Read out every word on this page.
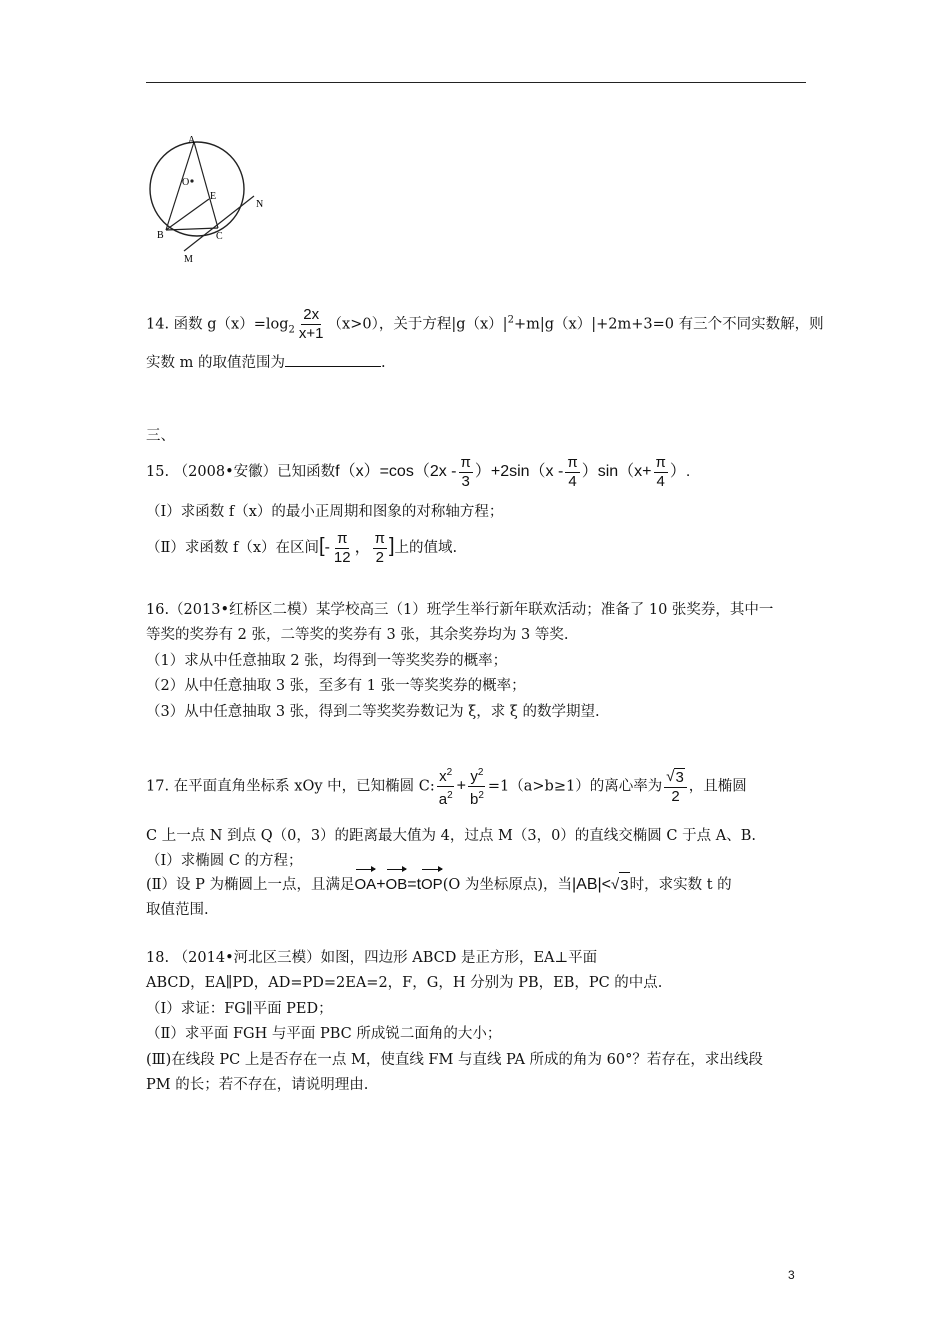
A
O
E
N
B	C
M
14. 函数 $g(x)=\log_2 \frac{2x}{x+1} (x>0)$，关于方程$|g(x)|^2+m|g(x)|+2m+3=0$ 有三个不同实数解，则
实数 m 的取值范围为	.
三、
15. （2008•安徽）已知函数$f(x)=\cos(2x - \frac{\pi}{3} )+2\sin(x - \frac{\pi}{4} )\sin(x+ \frac{\pi}{4}$ ）.
（Ⅰ）求函数 f（x）的最小正周期和图象的对称轴方程；
（Ⅱ）求函数 f（x）在区间[- $\frac{\pi}{12}$ ， $\frac{\pi}{2}$ ]上的值域.
16.（2013•红桥区二模）某学校高三（1）班学生举行新年联欢活动；准备了 10 张奖券，其中一
等奖的奖券有 2 张，二等奖的奖券有 3 张，其余奖券均为 3 等奖.
（1）求从中任意抽取 2 张，均得到一等奖奖券的概率；
（2）从中任意抽取 3 张，至多有 1 张一等奖奖券的概率；
（3）从中任意抽取 3 张，得到二等奖奖券数记为 ξ，求 ξ 的数学期望.
17. 在平面直角坐标系 xOy 中，已知椭圆 C: $\frac{x^2}{a^2} + \frac{y^2}{b^2} =1(a>b\ge 1)$的离心率为 $\frac{√ 3}{2}$ ，且椭圆
C 上一点 N 到点 Q（0，3）的距离最大值为 4，过点 M（3，0）的直线交椭圆 C 于点 A、B.
（Ⅰ）求椭圆 C 的方程；
(Ⅱ）设 P 为椭圆上一点，且满足OA+OB=tOP(O 为坐标原点)，当|AB|<√ 3 时，求实数 t 的
取值范围.
18. （2014•河北区三模）如图，四边形 ABCD 是正方形，EA⊥平面
ABCD，EA∥PD，AD=PD=2EA=2，F，G，H 分别为 PB，EB，PC 的中点.
（Ⅰ）求证：FG∥平面 PED；
（Ⅱ）求平面 FGH 与平面 PBC 所成锐二面角的大小；
(Ⅲ)在线段 PC 上是否存在一点 M，使直线 FM 与直线 PA 所成的角为 60°？若存在，求出线段
PM 的长；若不存在，请说明理由.
3
